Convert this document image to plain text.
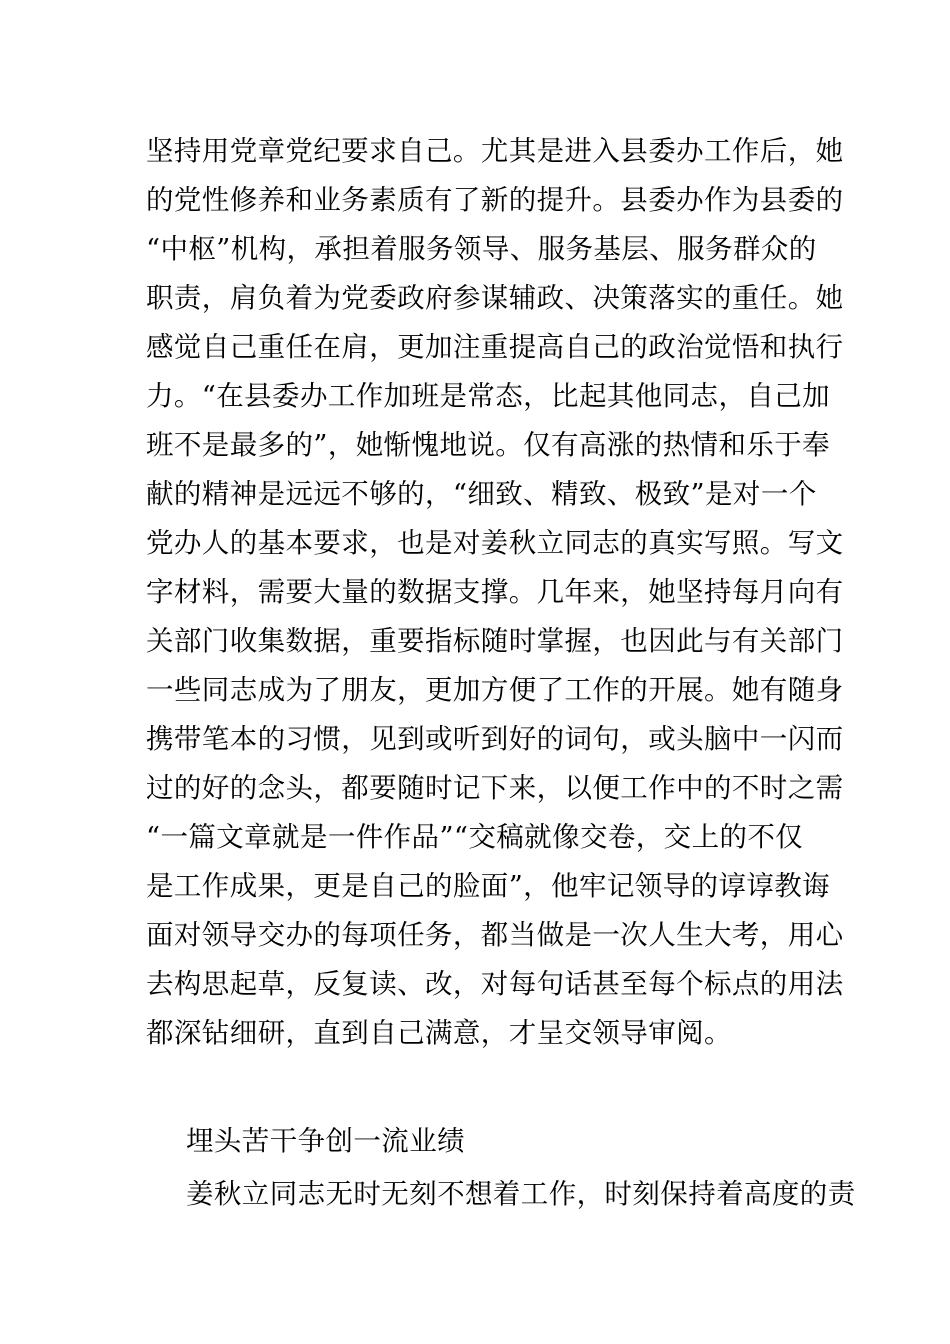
坚持用党章党纪要求自己。尤其是进入县委办工作后，她
的党性修养和业务素质有了新的提升。县委办作为县委的
“中枢”机构，承担着服务领导、服务基层、服务群众的
职责，肩负着为党委政府参谋辅政、决策落实的重任。她
感觉自己重任在肩，更加注重提高自己的政治觉悟和执行
力。“在县委办工作加班是常态，比起其他同志，自己加
班不是最多的”，她惭愧地说。仅有高涨的热情和乐于奉
献的精神是远远不够的，“细致、精致、极致”是对一个
党办人的基本要求，也是对姜秋立同志的真实写照。写文
字材料，需要大量的数据支撑。几年来，她坚持每月向有
关部门收集数据，重要指标随时掌握，也因此与有关部门
一些同志成为了朋友，更加方便了工作的开展。她有随身
携带笔本的习惯，见到或听到好的词句，或头脑中一闪而
过的好的念头，都要随时记下来，以便工作中的不时之需
“一篇文章就是一件作品”“交稿就像交卷，交上的不仅
是工作成果，更是自己的脸面”，他牢记领导的谆谆教诲
面对领导交办的每项任务，都当做是一次人生大考，用心
去构思起草，反复读、改，对每句话甚至每个标点的用法
都深钻细研，直到自己满意，才呈交领导审阅。
埋头苦干争创一流业绩

姜秋立同志无时无刻不想着工作，时刻保持着高度的责
